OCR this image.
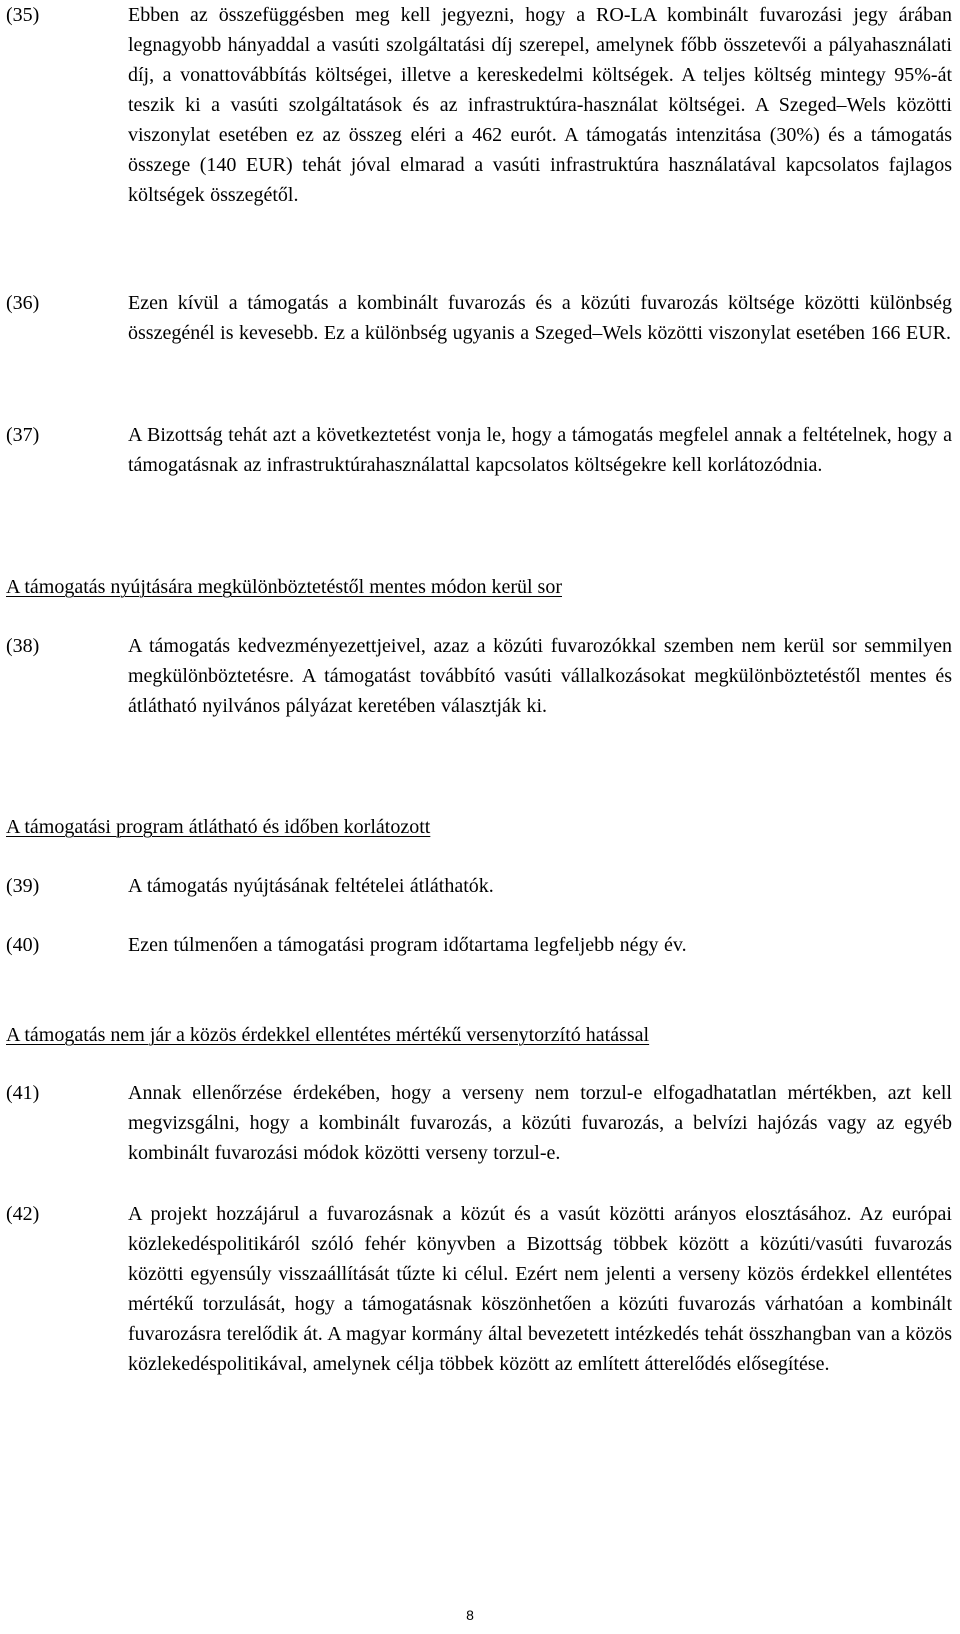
(35)	Ebben az összefüggésben meg kell jegyezni, hogy a RO-LA kombinált fuvarozási jegy árában legnagyobb hányaddal a vasúti szolgáltatási díj szerepel, amelynek főbb összetevői a pályahasználati díj, a vonattovábbítás költségei, illetve a kereskedelmi költségek. A teljes költség mintegy 95%-át teszik ki a vasúti szolgáltatások és az infrastruktúra-használat költségei. A Szeged–Wels közötti viszonylat esetében ez az összeg eléri a 462 eurót. A támogatás intenzitása (30%) és a támogatás összege (140 EUR) tehát jóval elmarad a vasúti infrastruktúra használatával kapcsolatos fajlagos költségek összegétől.
(36)	Ezen kívül a támogatás a kombinált fuvarozás és a közúti fuvarozás költsége közötti különbség összegénél is kevesebb. Ez a különbség ugyanis a Szeged–Wels közötti viszonylat esetében 166 EUR.
(37)	A Bizottság tehát azt a következtetést vonja le, hogy a támogatás megfelel annak a feltételnek, hogy a támogatásnak az infrastruktúrahasználattal kapcsolatos költségekre kell korlátozódnia.
A támogatás nyújtására megkülönböztetéstől mentes módon kerül sor
(38)	A támogatás kedvezményezettjeivel, azaz a közúti fuvarozókkal szemben nem kerül sor semmilyen megkülönböztetésre. A támogatást továbbító vasúti vállalkozásokat megkülönböztetéstől mentes és átlátható nyilvános pályázat keretében választják ki.
A támogatási program átlátható és időben korlátozott
(39)	A támogatás nyújtásának feltételei átláthatók.
(40)	Ezen túlmenően a támogatási program időtartama legfeljebb négy év.
A támogatás nem jár a közös érdekkel ellentétes mértékű versenytorzító hatással
(41)	Annak ellenőrzése érdekében, hogy a verseny nem torzul-e elfogadhatatlan mértékben, azt kell megvizsgálni, hogy a kombinált fuvarozás, a közúti fuvarozás, a belvízi hajózás vagy az egyéb kombinált fuvarozási módok közötti verseny torzul-e.
(42)	A projekt hozzájárul a fuvarozásnak a közút és a vasút közötti arányos elosztásához. Az európai közlekedéspolitikáról szóló fehér könyvben a Bizottság többek között a közúti/vasúti fuvarozás közötti egyensúly visszaállítását tűzte ki célul. Ezért nem jelenti a verseny közös érdekkel ellentétes mértékű torzulását, hogy a támogatásnak köszönhetően a közúti fuvarozás várhatóan a kombinált fuvarozásra terelődik át. A magyar kormány által bevezetett intézkedés tehát összhangban van a közös közlekedéspolitikával, amelynek célja többek között az említett átterelődés elősegítése.
8
